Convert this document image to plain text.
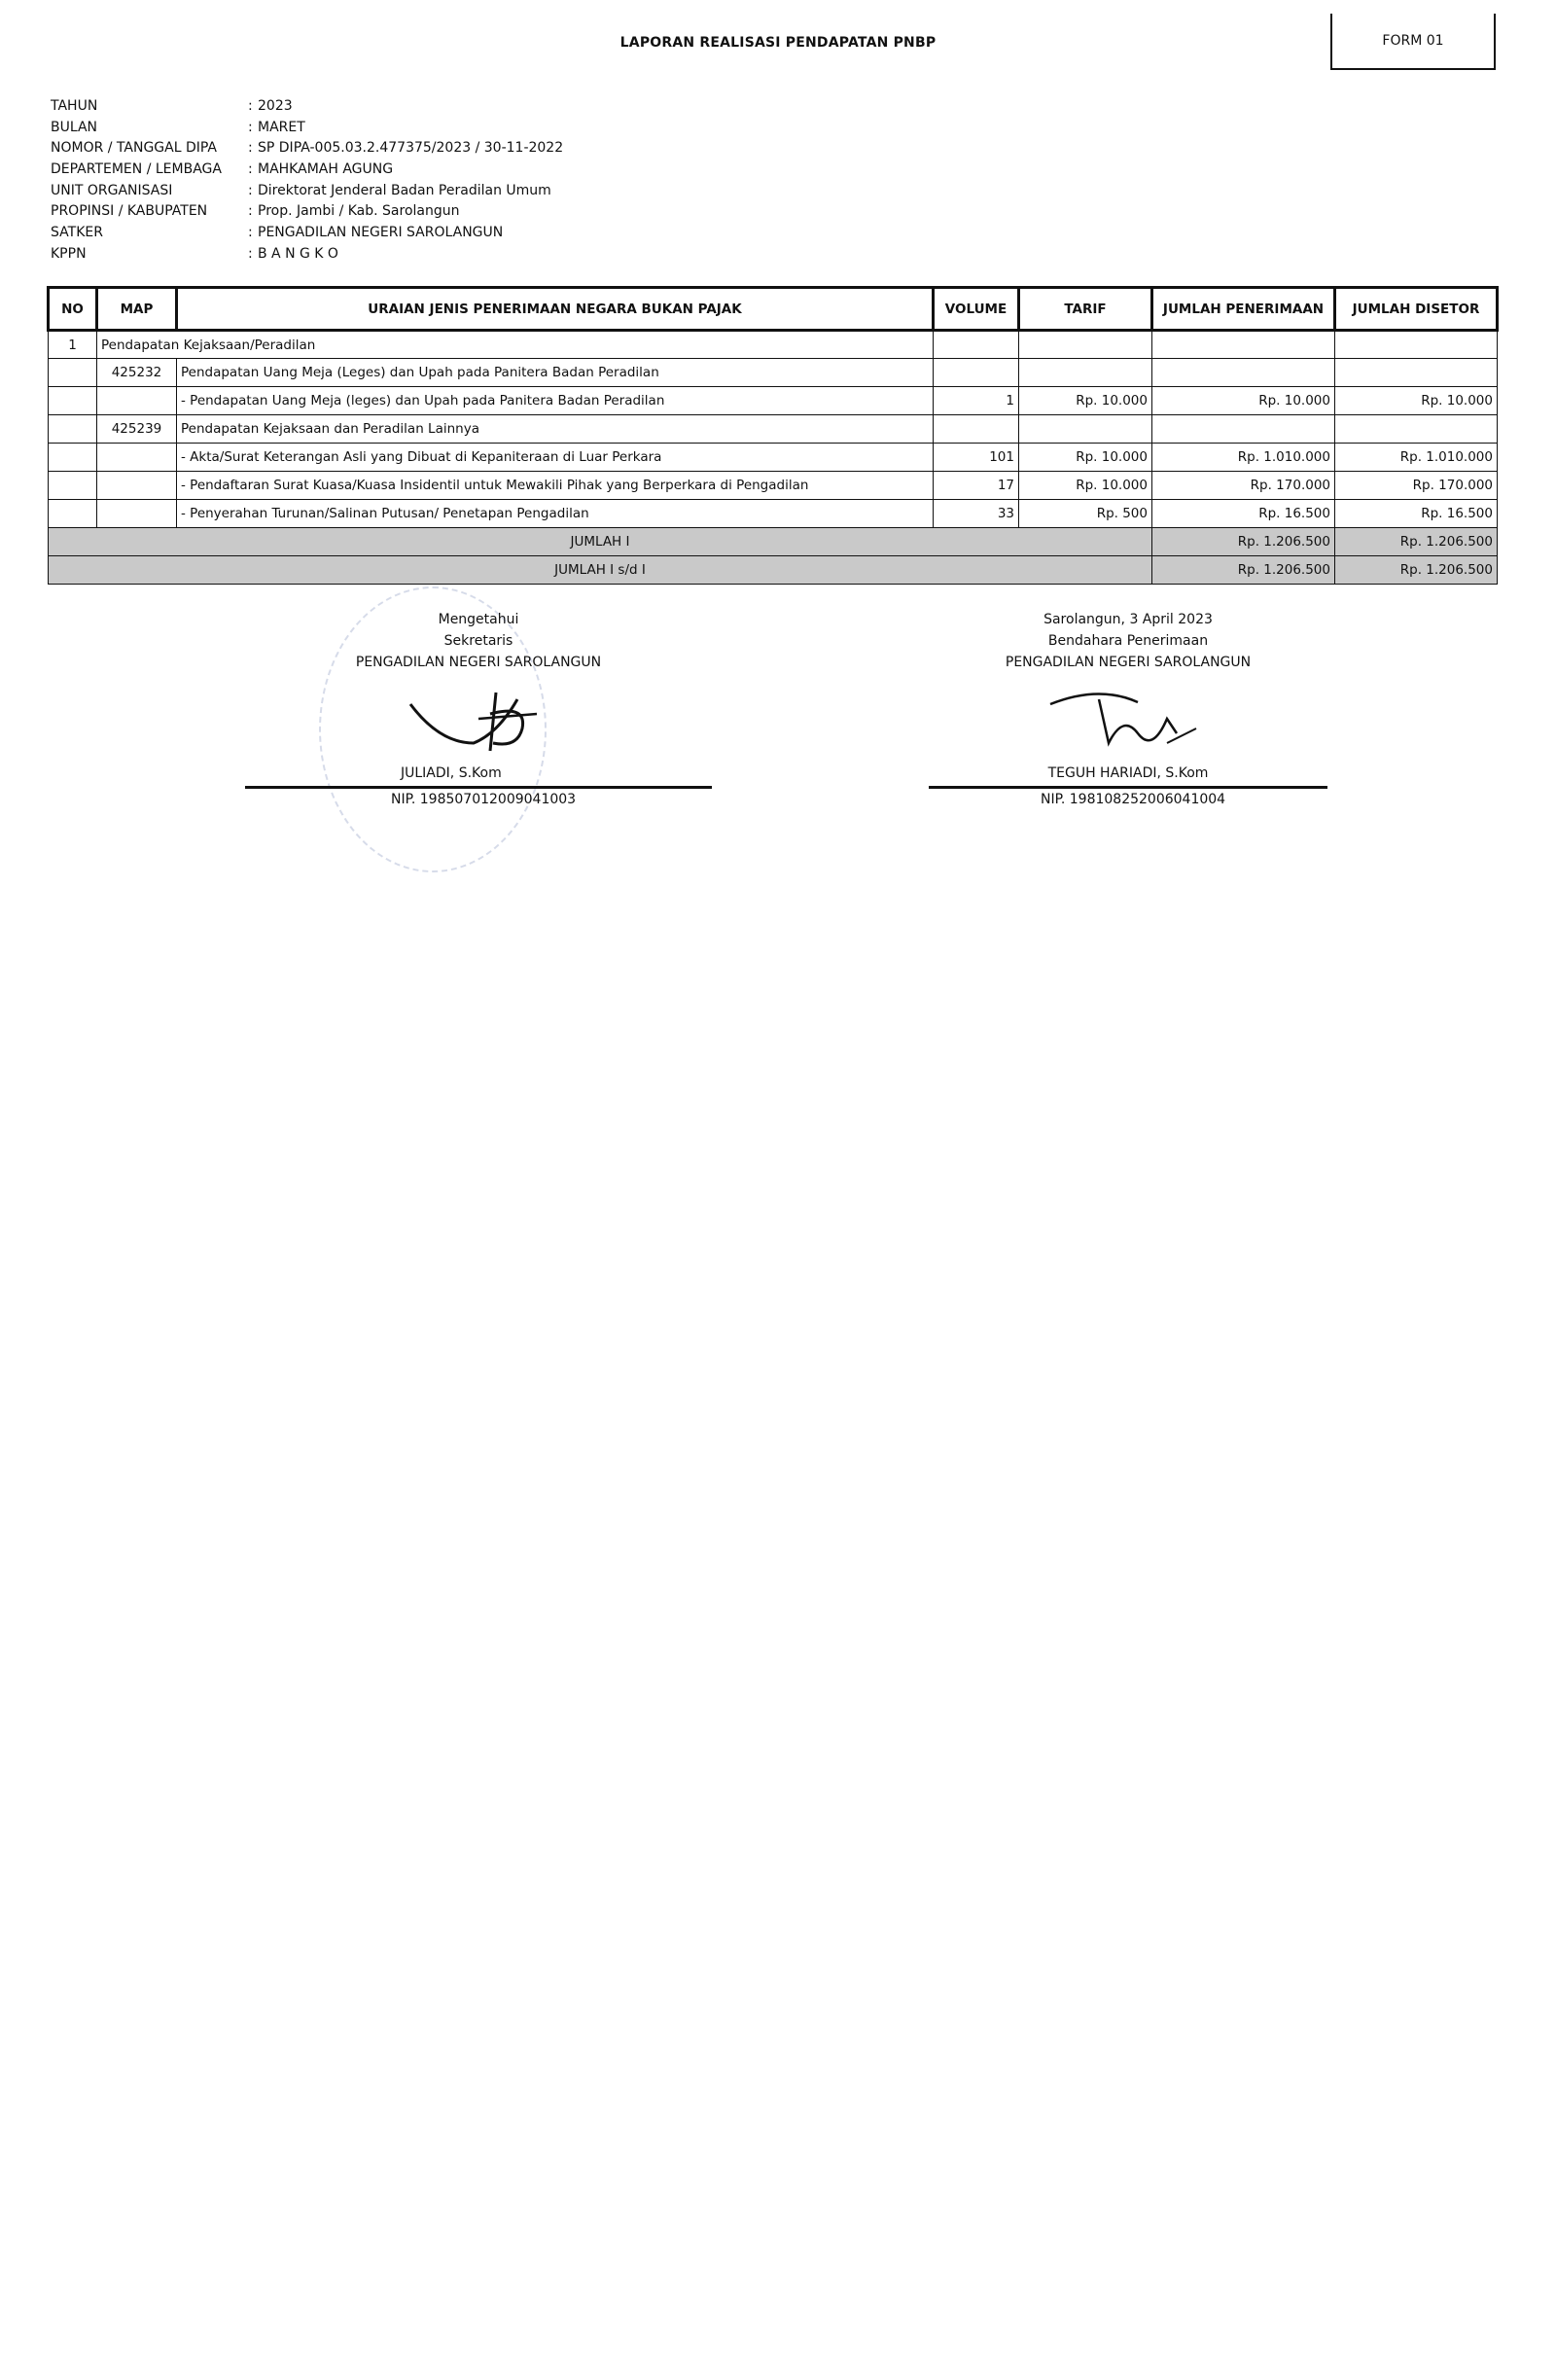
LAPORAN REALISASI PENDAPATAN PNBP	FORM 01
TAHUN	: 2023
BULAN	: MARET
NOMOR / TANGGAL DIPA	: SP DIPA-005.03.2.477375/2023 / 30-11-2022
DEPARTEMEN / LEMBAGA	: MAHKAMAH AGUNG
UNIT ORGANISASI	: Direktorat Jenderal Badan Peradilan Umum
PROPINSI / KABUPATEN	: Prop. Jambi / Kab. Sarolangun
SATKER	: PENGADILAN NEGERI SAROLANGUN
KPPN	: B A N G K O
NO	MAP	URAIAN JENIS PENERIMAAN NEGARA BUKAN PAJAK	VOLUME	TARIF	JUMLAH PENERIMAAN	JUMLAH DISETOR
1	Pendapatan Kejaksaan/Peradilan					
	425232	Pendapatan Uang Meja (Leges) dan Upah pada Panitera Badan Peradilan				
		- Pendapatan Uang Meja (leges) dan Upah pada Panitera Badan Peradilan	1	Rp. 10.000	Rp. 10.000	Rp. 10.000
	425239	Pendapatan Kejaksaan dan Peradilan Lainnya				
		- Akta/Surat Keterangan Asli yang Dibuat di Kepaniteraan di Luar Perkara	101	Rp. 10.000	Rp. 1.010.000	Rp. 1.010.000
		- Pendaftaran Surat Kuasa/Kuasa Insidentil untuk Mewakili Pihak yang Berperkara di Pengadilan	17	Rp. 10.000	Rp. 170.000	Rp. 170.000
		- Penyerahan Turunan/Salinan Putusan/ Penetapan Pengadilan	33	Rp. 500	Rp. 16.500	Rp. 16.500
JUMLAH I					Rp. 1.206.500	Rp. 1.206.500
JUMLAH I s/d I					Rp. 1.206.500	Rp. 1.206.500
Mengetahui
Sekretaris
PENGADILAN NEGERI SAROLANGUN
JULIADI, S.Kom
NIP. 198507012009041003
Sarolangun, 3 April 2023
Bendahara Penerimaan
PENGADILAN NEGERI SAROLANGUN
TEGUH HARIADI, S.Kom
NIP. 198108252006041004
